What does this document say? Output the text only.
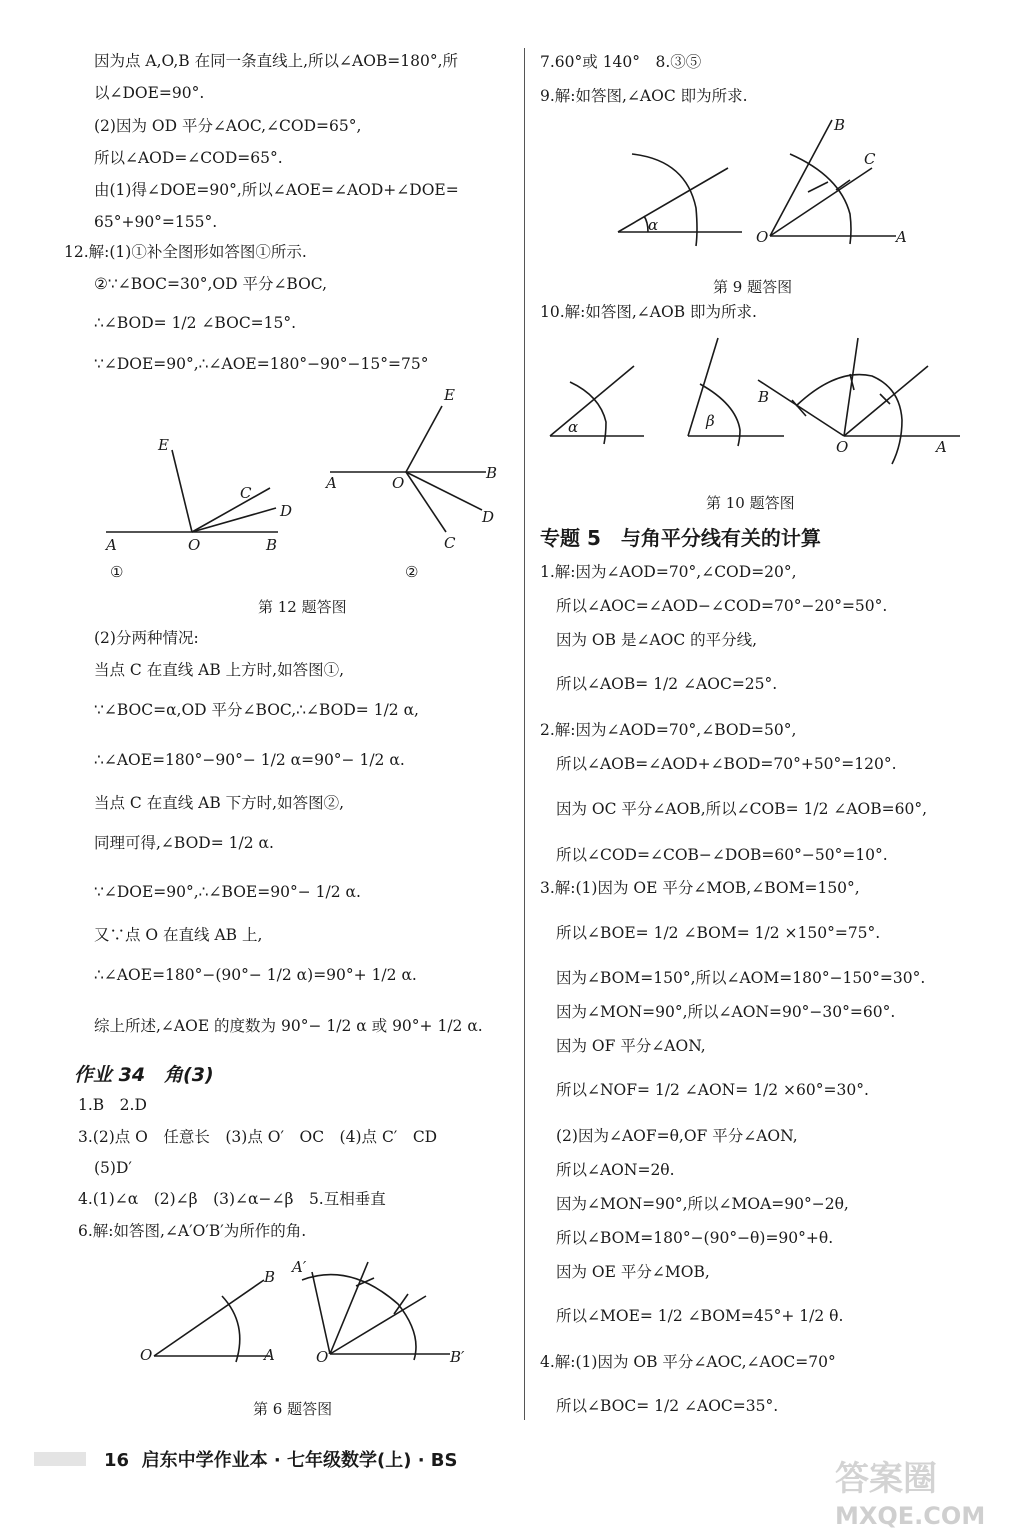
因为点 A,O,B 在同一条直线上,所以∠AOB=180°,所
以∠DOE=90°.
(2)因为 OD 平分∠AOC,∠COD=65°,
所以∠AOD=∠COD=65°.
由(1)得∠DOE=90°,所以∠AOE=∠AOD+∠DOE=
65°+90°=155°.
12.解:(1)①补全图形如答图①所示.
②∵∠BOC=30°,OD 平分∠BOC,
∴∠BOD= 1/2 ∠BOC=15°.
∵∠DOE=90°,∴∠AOE=180°−90°−15°=75°
A	O	B
E
C
D
A	O
B
E
D
C
①	②
第 12 题答图
(2)分两种情况:
当点 C 在直线 AB 上方时,如答图①,
∵∠BOC=α,OD 平分∠BOC,∴∠BOD= 1/2 α,
∴∠AOE=180°−90°− 1/2 α=90°− 1/2 α.
当点 C 在直线 AB 下方时,如答图②,
同理可得,∠BOD= 1/2 α.
∵∠DOE=90°,∴∠BOE=90°− 1/2 α.
又∵点 O 在直线 AB 上,
∴∠AOE=180°−(90°− 1/2 α)=90°+ 1/2 α.
综上所述,∠AOE 的度数为 90°− 1/2 α 或 90°+ 1/2 α.
作业 34　角(3)
1.B　2.D
3.(2)点 O　任意长　(3)点 O′　OC　(4)点 C′　CD
(5)D′
4.(1)∠α　(2)∠β　(3)∠α−∠β　5.互相垂直
6.解:如答图,∠A′O′B′为所作的角.
O
B
A	O′	B′
A′
第 6 题答图
7.60°或 140°　8.③⑤
9.解:如答图,∠AOC 即为所求.
α
O	A
B
C
第 9 题答图
10.解:如答图,∠AOB 即为所求.
α	β
B
O	A
第 10 题答图
专题 5　与角平分线有关的计算
1.解:因为∠AOD=70°,∠COD=20°,
所以∠AOC=∠AOD−∠COD=70°−20°=50°.
因为 OB 是∠AOC 的平分线,
所以∠AOB= 1/2 ∠AOC=25°.
2.解:因为∠AOD=70°,∠BOD=50°,
所以∠AOB=∠AOD+∠BOD=70°+50°=120°.
因为 OC 平分∠AOB,所以∠COB= 1/2 ∠AOB=60°,
所以∠COD=∠COB−∠DOB=60°−50°=10°.
3.解:(1)因为 OE 平分∠MOB,∠BOM=150°,
所以∠BOE= 1/2 ∠BOM= 1/2 ×150°=75°.
因为∠BOM=150°,所以∠AOM=180°−150°=30°.
因为∠MON=90°,所以∠AON=90°−30°=60°.
因为 OF 平分∠AON,
所以∠NOF= 1/2 ∠AON= 1/2 ×60°=30°.
(2)因为∠AOF=θ,OF 平分∠AON,
所以∠AON=2θ.
因为∠MON=90°,所以∠MOA=90°−2θ,
所以∠BOM=180°−(90°−θ)=90°+θ.
因为 OE 平分∠MOB,
所以∠MOE= 1/2 ∠BOM=45°+ 1/2 θ.
4.解:(1)因为 OB 平分∠AOC,∠AOC=70°
所以∠BOC= 1/2 ∠AOC=35°.
16 启东中学作业本 · 七年级数学(上) · BS	答案圈
MXQE.COM
